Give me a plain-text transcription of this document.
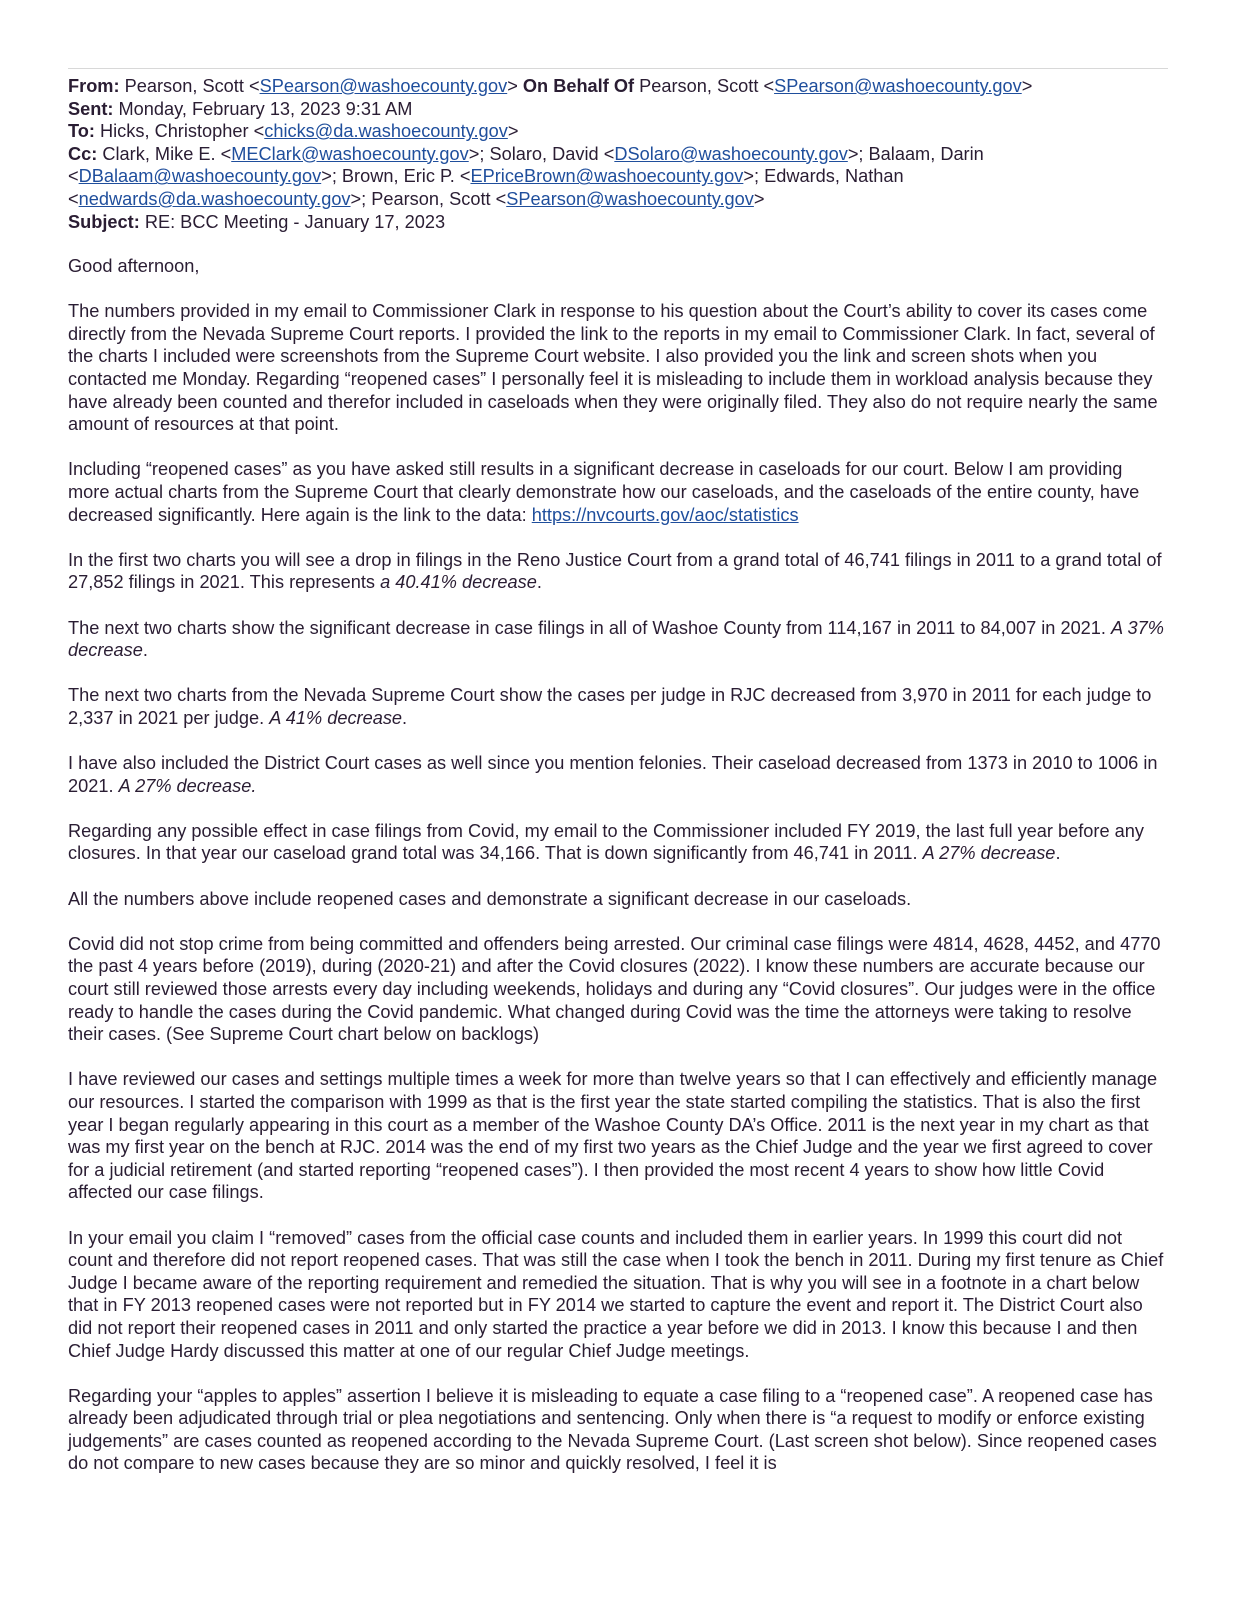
From: Pearson, Scott <SPearson@washoecounty.gov> On Behalf Of Pearson, Scott <SPearson@washoecounty.gov>

Sent: Monday, February 13, 2023 9:31 AM

To: Hicks, Christopher <chicks@da.washoecounty.gov>

Cc: Clark, Mike E. <MEClark@washoecounty.gov>; Solaro, David <DSolaro@washoecounty.gov>; Balaam, Darin
<DBalaam@washoecounty.gov>; Brown, Eric P. <EPriceBrown@washoecounty.gov>; Edwards, Nathan
<nedwards@da.washoecounty.gov>; Pearson, Scott <SPearson@washoecounty.gov>

Subject: RE: BCC Meeting - January 17, 2023

Good afternoon,

The numbers provided in my email to Commissioner Clark in response to his question about the Court’s ability to cover its cases come directly from the Nevada Supreme Court reports. I provided the link to the reports in my email to Commissioner Clark. In fact, several of the charts I included were screenshots from the Supreme Court website. I also provided you the link and screen shots when you contacted me Monday. Regarding “reopened cases” I personally feel it is misleading to include them in workload analysis because they have already been counted and therefor included in caseloads when they were originally filed. They also do not require nearly the same amount of resources at that point.

Including “reopened cases” as you have asked still results in a significant decrease in caseloads for our court. Below I am providing more actual charts from the Supreme Court that clearly demonstrate how our caseloads, and the caseloads of the entire county, have decreased significantly. Here again is the link to the data: https://nvcourts.gov/aoc/statistics

In the first two charts you will see a drop in filings in the Reno Justice Court from a grand total of 46,741 filings in 2011 to a grand total of 27,852 filings in 2021. This represents a 40.41% decrease.

The next two charts show the significant decrease in case filings in all of Washoe County from 114,167 in 2011 to 84,007 in 2021. A 37% decrease.

The next two charts from the Nevada Supreme Court show the cases per judge in RJC decreased from 3,970 in 2011 for each judge to 2,337 in 2021 per judge. A 41% decrease.

I have also included the District Court cases as well since you mention felonies. Their caseload decreased from 1373 in 2010 to 1006 in 2021. A 27% decrease.

Regarding any possible effect in case filings from Covid, my email to the Commissioner included FY 2019, the last full year before any closures. In that year our caseload grand total was 34,166. That is down significantly from 46,741 in 2011. A 27% decrease.

All the numbers above include reopened cases and demonstrate a significant decrease in our caseloads.

Covid did not stop crime from being committed and offenders being arrested. Our criminal case filings were 4814, 4628, 4452, and 4770 the past 4 years before (2019), during (2020-21) and after the Covid closures (2022). I know these numbers are accurate because our court still reviewed those arrests every day including weekends, holidays and during any “Covid closures”. Our judges were in the office ready to handle the cases during the Covid pandemic. What changed during Covid was the time the attorneys were taking to resolve their cases. (See Supreme Court chart below on backlogs)

I have reviewed our cases and settings multiple times a week for more than twelve years so that I can effectively and efficiently manage our resources. I started the comparison with 1999 as that is the first year the state started compiling the statistics. That is also the first year I began regularly appearing in this court as a member of the Washoe County DA’s Office. 2011 is the next year in my chart as that was my first year on the bench at RJC. 2014 was the end of my first two years as the Chief Judge and the year we first agreed to cover for a judicial retirement (and started reporting “reopened cases”). I then provided the most recent 4 years to show how little Covid affected our case filings.

In your email you claim I “removed” cases from the official case counts and included them in earlier years. In 1999 this court did not count and therefore did not report reopened cases. That was still the case when I took the bench in 2011. During my first tenure as Chief Judge I became aware of the reporting requirement and remedied the situation. That is why you will see in a footnote in a chart below that in FY 2013 reopened cases were not reported but in FY 2014 we started to capture the event and report it. The District Court also did not report their reopened cases in 2011 and only started the practice a year before we did in 2013. I know this because I and then Chief Judge Hardy discussed this matter at one of our regular Chief Judge meetings.

Regarding your “apples to apples” assertion I believe it is misleading to equate a case filing to a “reopened case”. A reopened case has already been adjudicated through trial or plea negotiations and sentencing. Only when there is “a request to modify or enforce existing judgements” are cases counted as reopened according to the Nevada Supreme Court. (Last screen shot below). Since reopened cases do not compare to new cases because they are so minor and quickly resolved, I feel it is
